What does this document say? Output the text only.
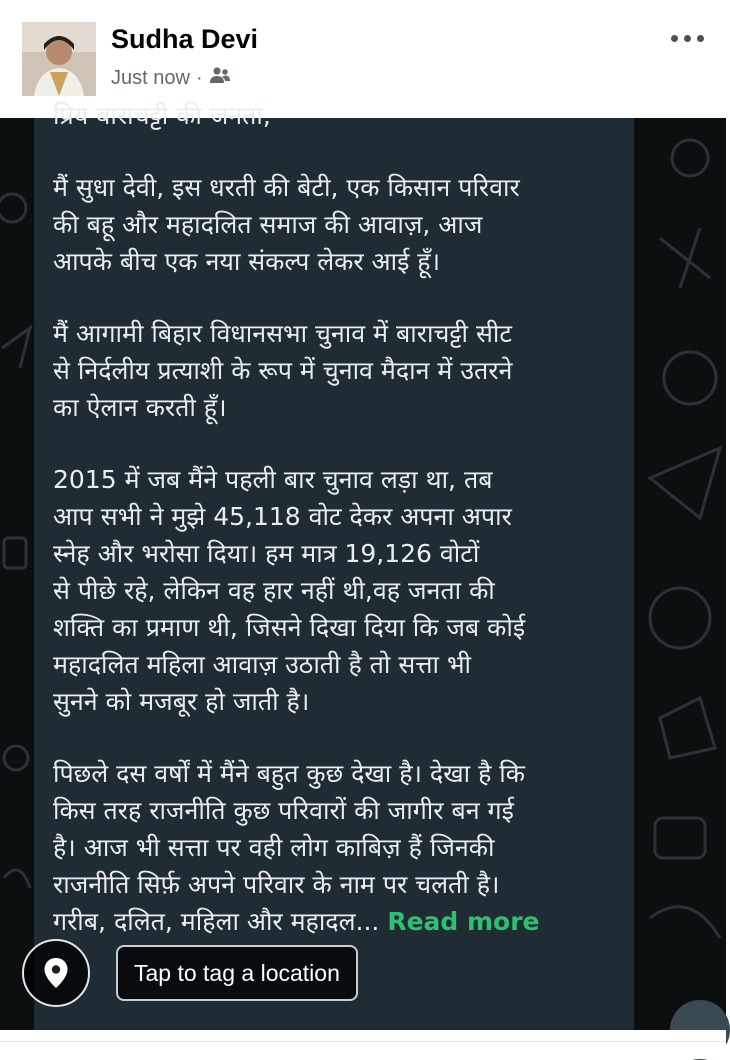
Sudha Devi
Just now ·

प्रिय बाराचट्टी की जनता,

मैं सुधा देवी, इस धरती की बेटी, एक किसान परिवार

की बहू और महादलित समाज की आवाज़, आज

आपके बीच एक नया संकल्प लेकर आई हूँ।

मैं आगामी बिहार विधानसभा चुनाव में बाराचट्टी सीट

से निर्दलीय प्रत्याशी के रूप में चुनाव मैदान में उतरने

का ऐलान करती हूँ।

2015 में जब मैंने पहली बार चुनाव लड़ा था, तब

आप सभी ने मुझे 45,118 वोट देकर अपना अपार

स्नेह और भरोसा दिया। हम मात्र 19,126 वोटों

से पीछे रहे, लेकिन वह हार नहीं थी,वह जनता की

शक्ति का प्रमाण थी, जिसने दिखा दिया कि जब कोई

महादलित महिला आवाज़ उठाती है तो सत्ता भी

सुनने को मजबूर हो जाती है।

पिछले दस वर्षों में मैंने बहुत कुछ देखा है। देखा है कि

किस तरह राजनीति कुछ परिवारों की जागीर बन गई

है। आज भी सत्ता पर वही लोग काबिज़ हैं जिनकी

राजनीति सिर्फ़ अपने परिवार के नाम पर चलती है।

गरीब, दलित, महिला और महादल... Read more

Tap to tag a location
